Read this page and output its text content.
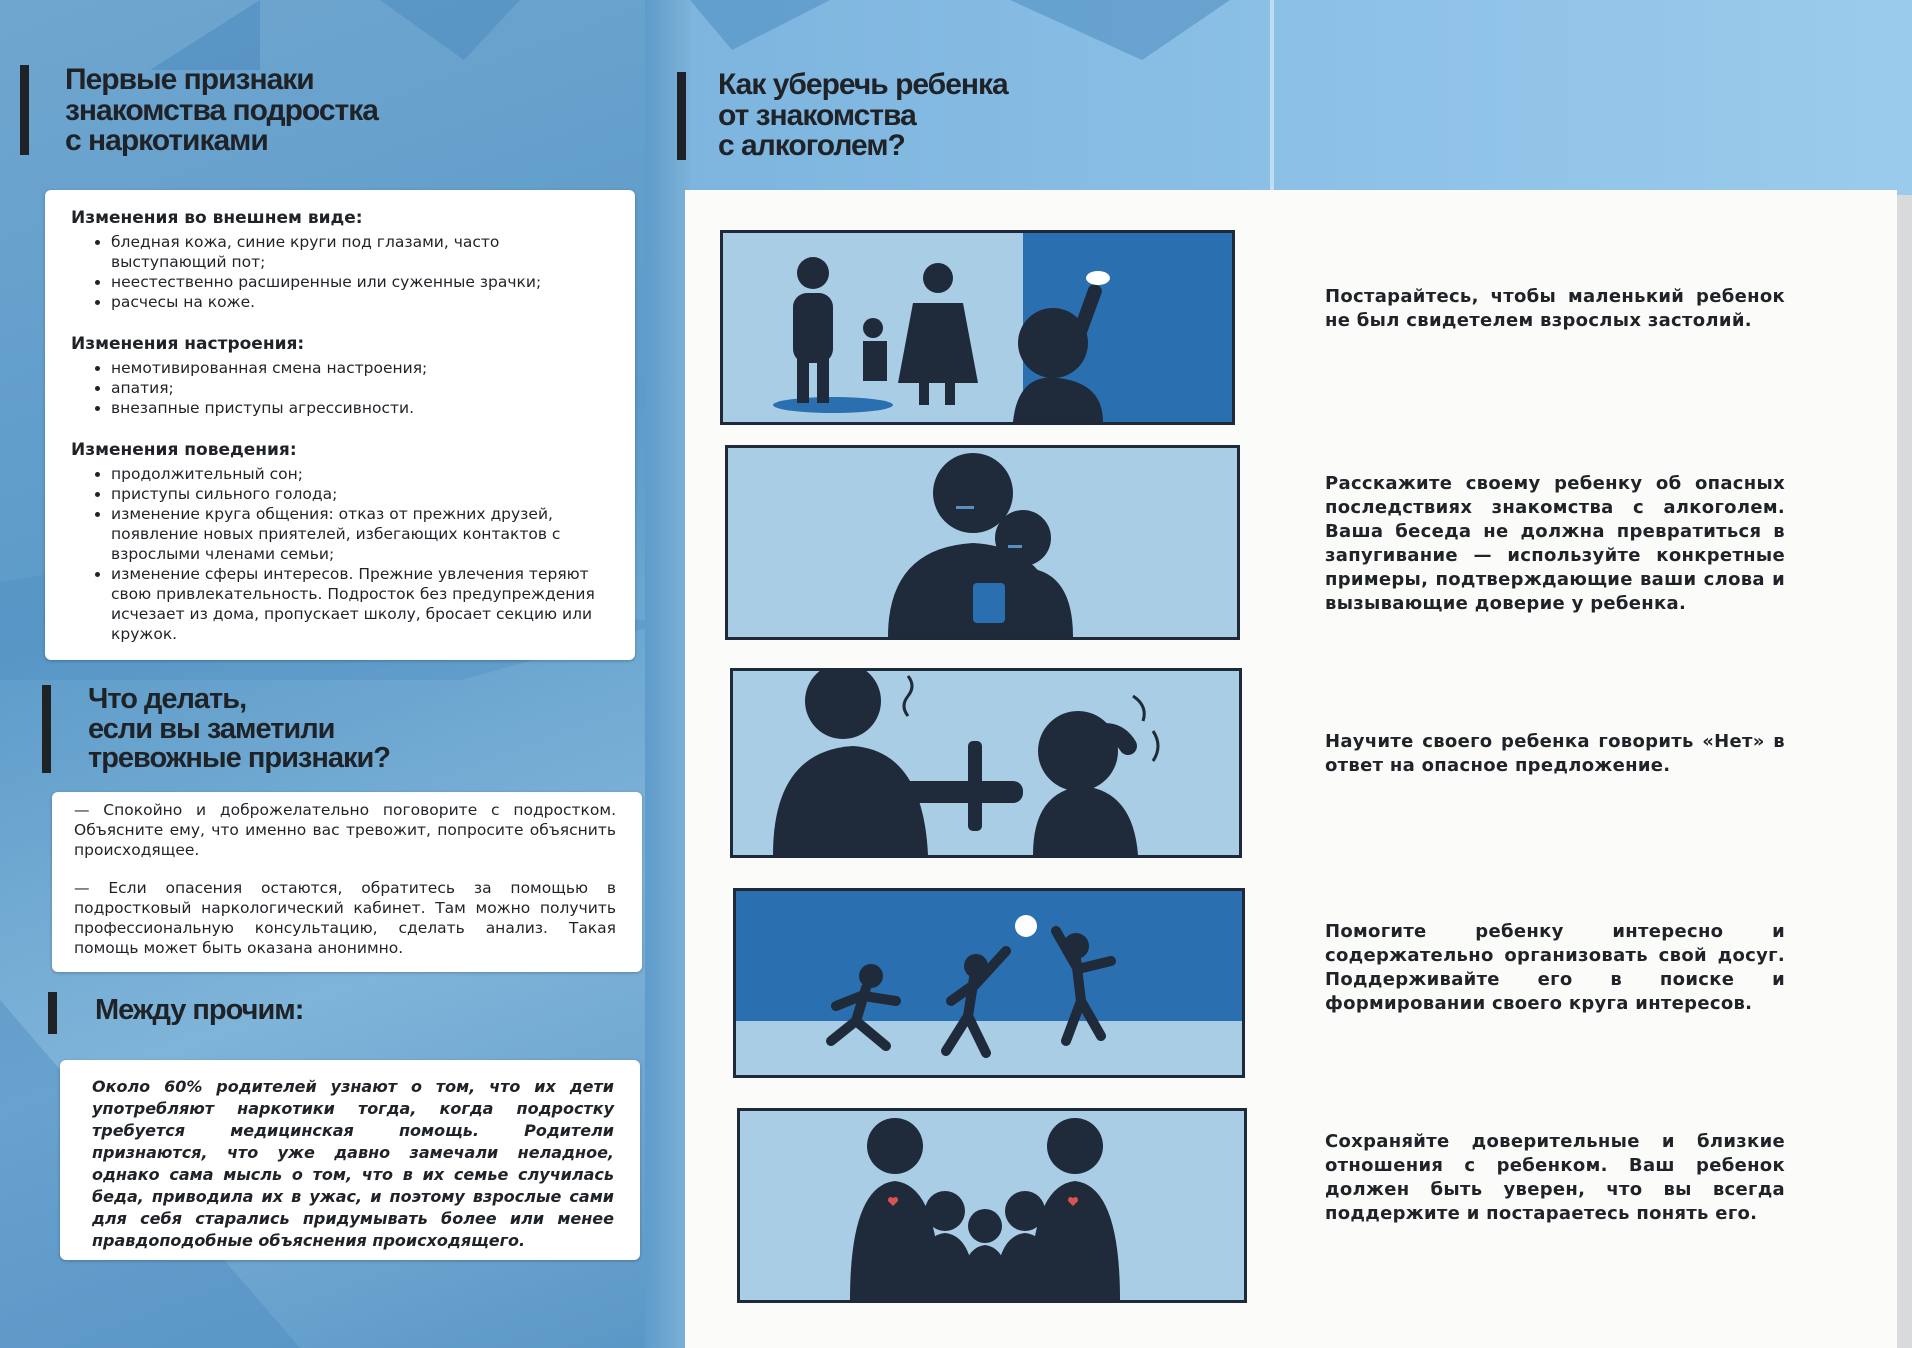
Первые признаки
знакомства подростка
с наркотиками
Изменения во внешнем виде:
• бледная кожа, синие круги под глазами, часто выступающий пот;
• неестественно расширенные или суженные зрачки;
• расчесы на коже.
Изменения настроения:
• немотивированная смена настроения;
• апатия;
• внезапные приступы агрессивности.
Изменения поведения:
• продолжительный сон;
• приступы сильного голода;
• изменение круга общения: отказ от прежних друзей, появление новых приятелей, избегающих контактов с взрослыми членами семьи;
• изменение сферы интересов. Прежние увлечения теряют свою привлекательность. Подросток без предупреждения исчезает из дома, пропускает школу, бросает секцию или кружок.
Что делать,
если вы заметили
тревожные признаки?

— Спокойно и доброжелательно поговорите с подростком. Объясните ему, что именно вас тревожит, попросите объяснить происходящее.

— Если опасения остаются, обратитесь за помощью в подростковый наркологический кабинет. Там можно получить профессиональную консультацию, сделать анализ. Такая помощь может быть оказана анонимно.

Между прочим:
Около 60% родителей узнают о том, что их дети употребляют наркотики тогда, когда подростку требуется медицинская помощь. Родители признаются, что уже давно замечали неладное, однако сама мысль о том, что в их семье случилась беда, приводила их в ужас, и поэтому взрослые сами для себя старались придумывать более или менее правдоподобные объяснения происходящего.
Как уберечь ребенка
от знакомства
с алкоголем?
Постарайтесь, чтобы маленький ребенок не был свидетелем взрослых застолий.
Расскажите своему ребенку об опасных последствиях знакомства с алкоголем. Ваша беседа не должна превратиться в запугивание — используйте конкретные примеры, подтверждающие ваши слова и вызывающие доверие у ребенка.
Научите своего ребенка говорить «Нет» в ответ на опасное предложение.
Помогите ребенку интересно и содержательно организовать свой досуг. Поддерживайте его в поиске и формировании своего круга интересов.
Сохраняйте доверительные и близкие отношения с ребенком. Ваш ребенок должен быть уверен, что вы всегда поддержите и постараетесь понять его.
